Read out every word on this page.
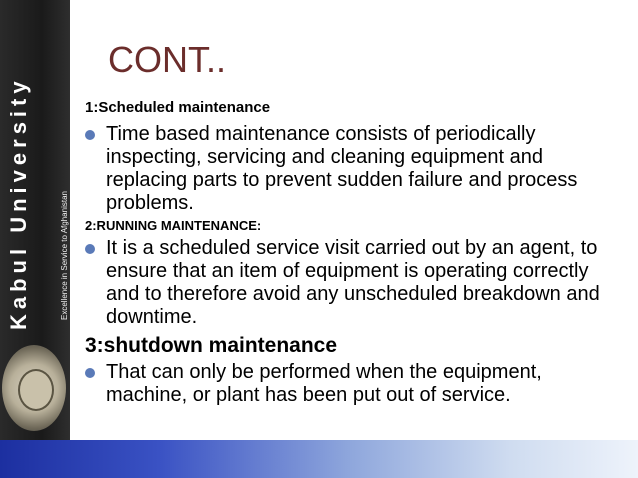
Kabul University	Excellence in Service to Afghanistan
CONT..
1:Scheduled maintenance
Time based maintenance consists of periodically inspecting, servicing and cleaning equipment and replacing parts to prevent sudden failure and process problems.
2:RUNNING MAINTENANCE:
It is a scheduled service visit carried out by an agent, to ensure that an item of equipment is operating correctly and to therefore avoid any unscheduled breakdown and downtime.
3:shutdown maintenance
That can only be performed when the equipment, machine, or plant has been put out of service.
